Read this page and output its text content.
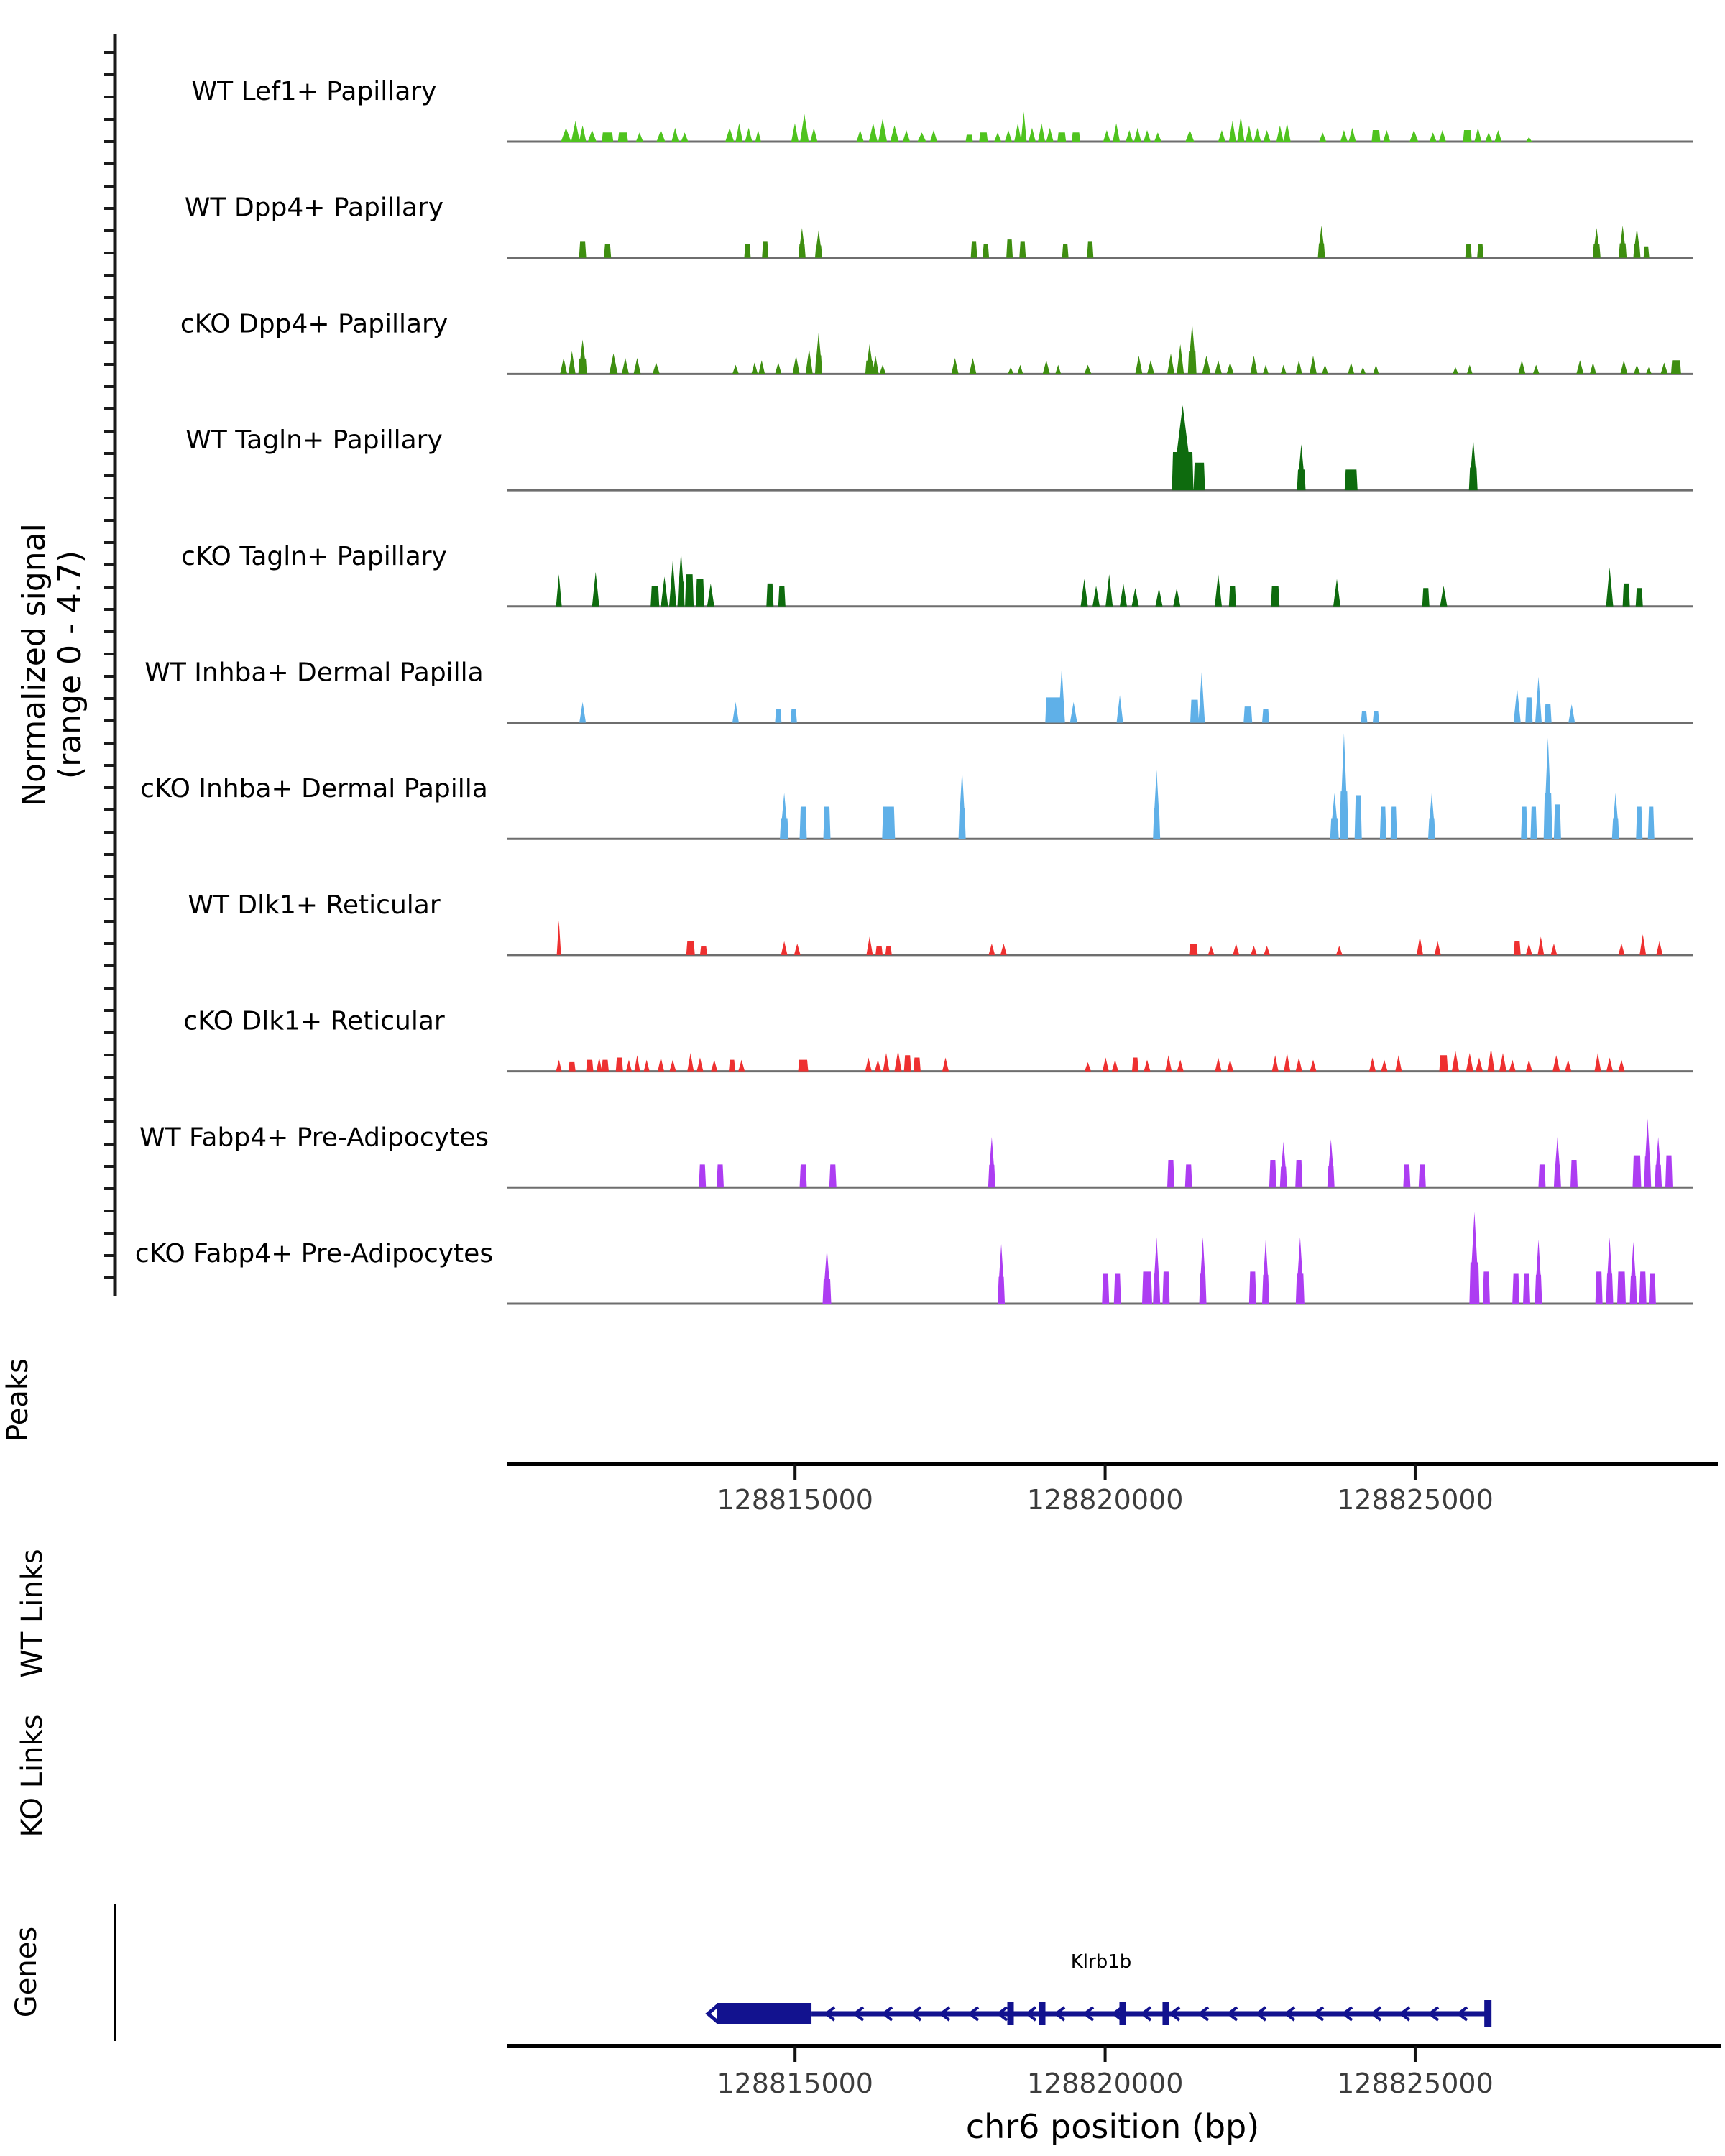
Normalized signal (range 0 - 4.7)
WT Lef1+ Papillary
WT Dpp4+ Papillary
cKO Dpp4+ Papillary
WT Tagln+ Papillary
cKO Tagln+ Papillary
WT Inhba+ Dermal Papilla
cKO Inhba+ Dermal Papilla
WT Dlk1+ Reticular
cKO Dlk1+ Reticular
WT Fabp4+ Pre-Adipocytes
cKO Fabp4+ Pre-Adipocytes
Peaks
128815000	128820000	128825000
WT Links
KO Links
Genes	Klrb1b
128815000	128820000	128825000
chr6 position (bp)
